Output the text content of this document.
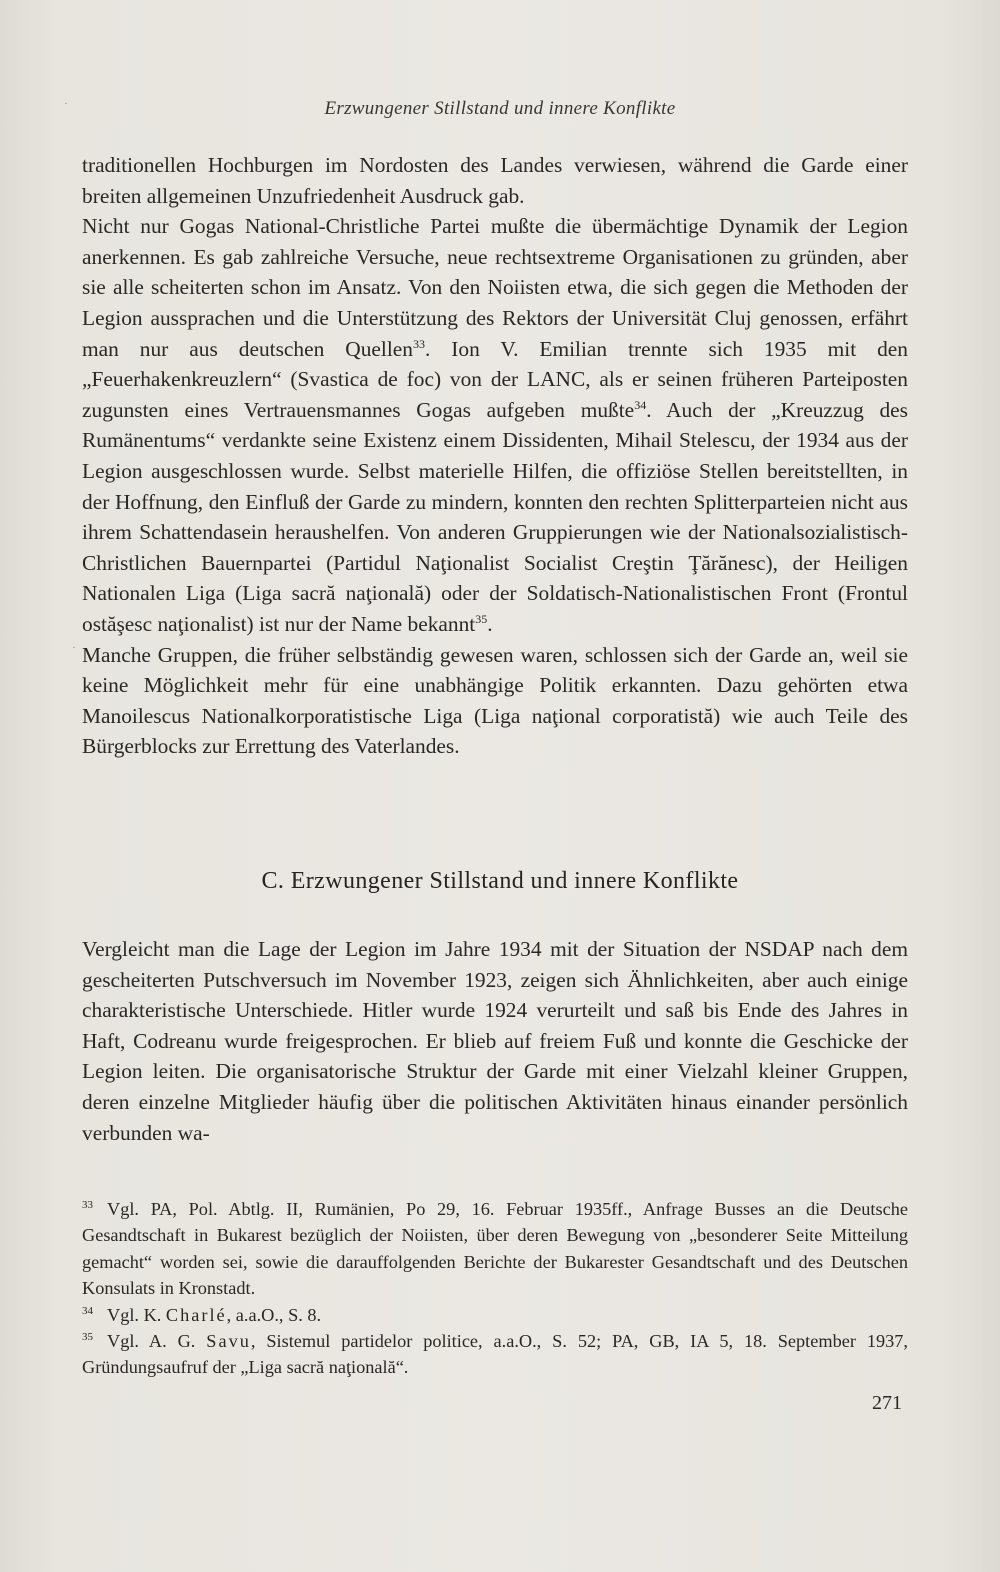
Erzwungener Stillstand und innere Konflikte

traditionellen Hochburgen im Nordosten des Landes verwiesen, während die Garde einer breiten allgemeinen Unzufriedenheit Ausdruck gab.

Nicht nur Gogas National-Christliche Partei mußte die übermächtige Dynamik der Legion anerkennen. Es gab zahlreiche Versuche, neue rechtsextreme Organisationen zu gründen, aber sie alle scheiterten schon im Ansatz. Von den Noiisten etwa, die sich gegen die Methoden der Legion aussprachen und die Unterstützung des Rektors der Universität Cluj genossen, erfährt man nur aus deutschen Quellen$^{33}$. Ion V. Emilian trennte sich 1935 mit den „Feuerhakenkreuzlern“ (Svastica de foc) von der LANC, als er seinen früheren Parteiposten zugunsten eines Vertrauensmannes Gogas aufgeben mußte$^{34}$. Auch der „Kreuzzug des Rumänentums“ verdankte seine Existenz einem Dissidenten, Mihail Stelescu, der 1934 aus der Legion ausgeschlossen wurde. Selbst materielle Hilfen, die offiziöse Stellen bereitstellten, in der Hoffnung, den Einfluß der Garde zu mindern, konnten den rechten Splitterparteien nicht aus ihrem Schattendasein heraushelfen. Von anderen Gruppierungen wie der Nationalsozialistisch-Christlichen Bauernpartei (Partidul Naţionalist Socialist Creştin Ţărănesc), der Heiligen Nationalen Liga (Liga sacră naţională) oder der Soldatisch-Nationalistischen Front (Frontul ostăşesc naţionalist) ist nur der Name bekannt$^{35}$.

Manche Gruppen, die früher selbständig gewesen waren, schlossen sich der Garde an, weil sie keine Möglichkeit mehr für eine unabhängige Politik erkannten. Dazu gehörten etwa Manoilescus Nationalkorporatistische Liga (Liga naţional corporatistă) wie auch Teile des Bürgerblocks zur Errettung des Vaterlandes.

C. Erzwungener Stillstand und innere Konflikte

Vergleicht man die Lage der Legion im Jahre 1934 mit der Situation der NSDAP nach dem gescheiterten Putschversuch im November 1923, zeigen sich Ähnlichkeiten, aber auch einige charakteristische Unterschiede. Hitler wurde 1924 verurteilt und saß bis Ende des Jahres in Haft, Codreanu wurde freigesprochen. Er blieb auf freiem Fuß und konnte die Geschicke der Legion leiten. Die organisatorische Struktur der Garde mit einer Vielzahl kleiner Gruppen, deren einzelne Mitglieder häufig über die politischen Aktivitäten hinaus einander persönlich verbunden wa-

$^{33}$ Vgl. PA, Pol. Abtlg. II, Rumänien, Po 29, 16. Februar 1935ff., Anfrage Busses an die Deutsche Gesandtschaft in Bukarest bezüglich der Noiisten, über deren Bewegung von „besonderer Seite Mitteilung gemacht“ worden sei, sowie die darauffolgenden Berichte der Bukarester Gesandtschaft und des Deutschen Konsulats in Kronstadt.

$^{34}$ Vgl. K. Charlé, a.a.O., S. 8.

$^{35}$ Vgl. A. G. Savu, Sistemul partidelor politice, a.a.O., S. 52; PA, GB, IA 5, 18. September 1937, Gründungsaufruf der „Liga sacră naţională“.

271
·
·
